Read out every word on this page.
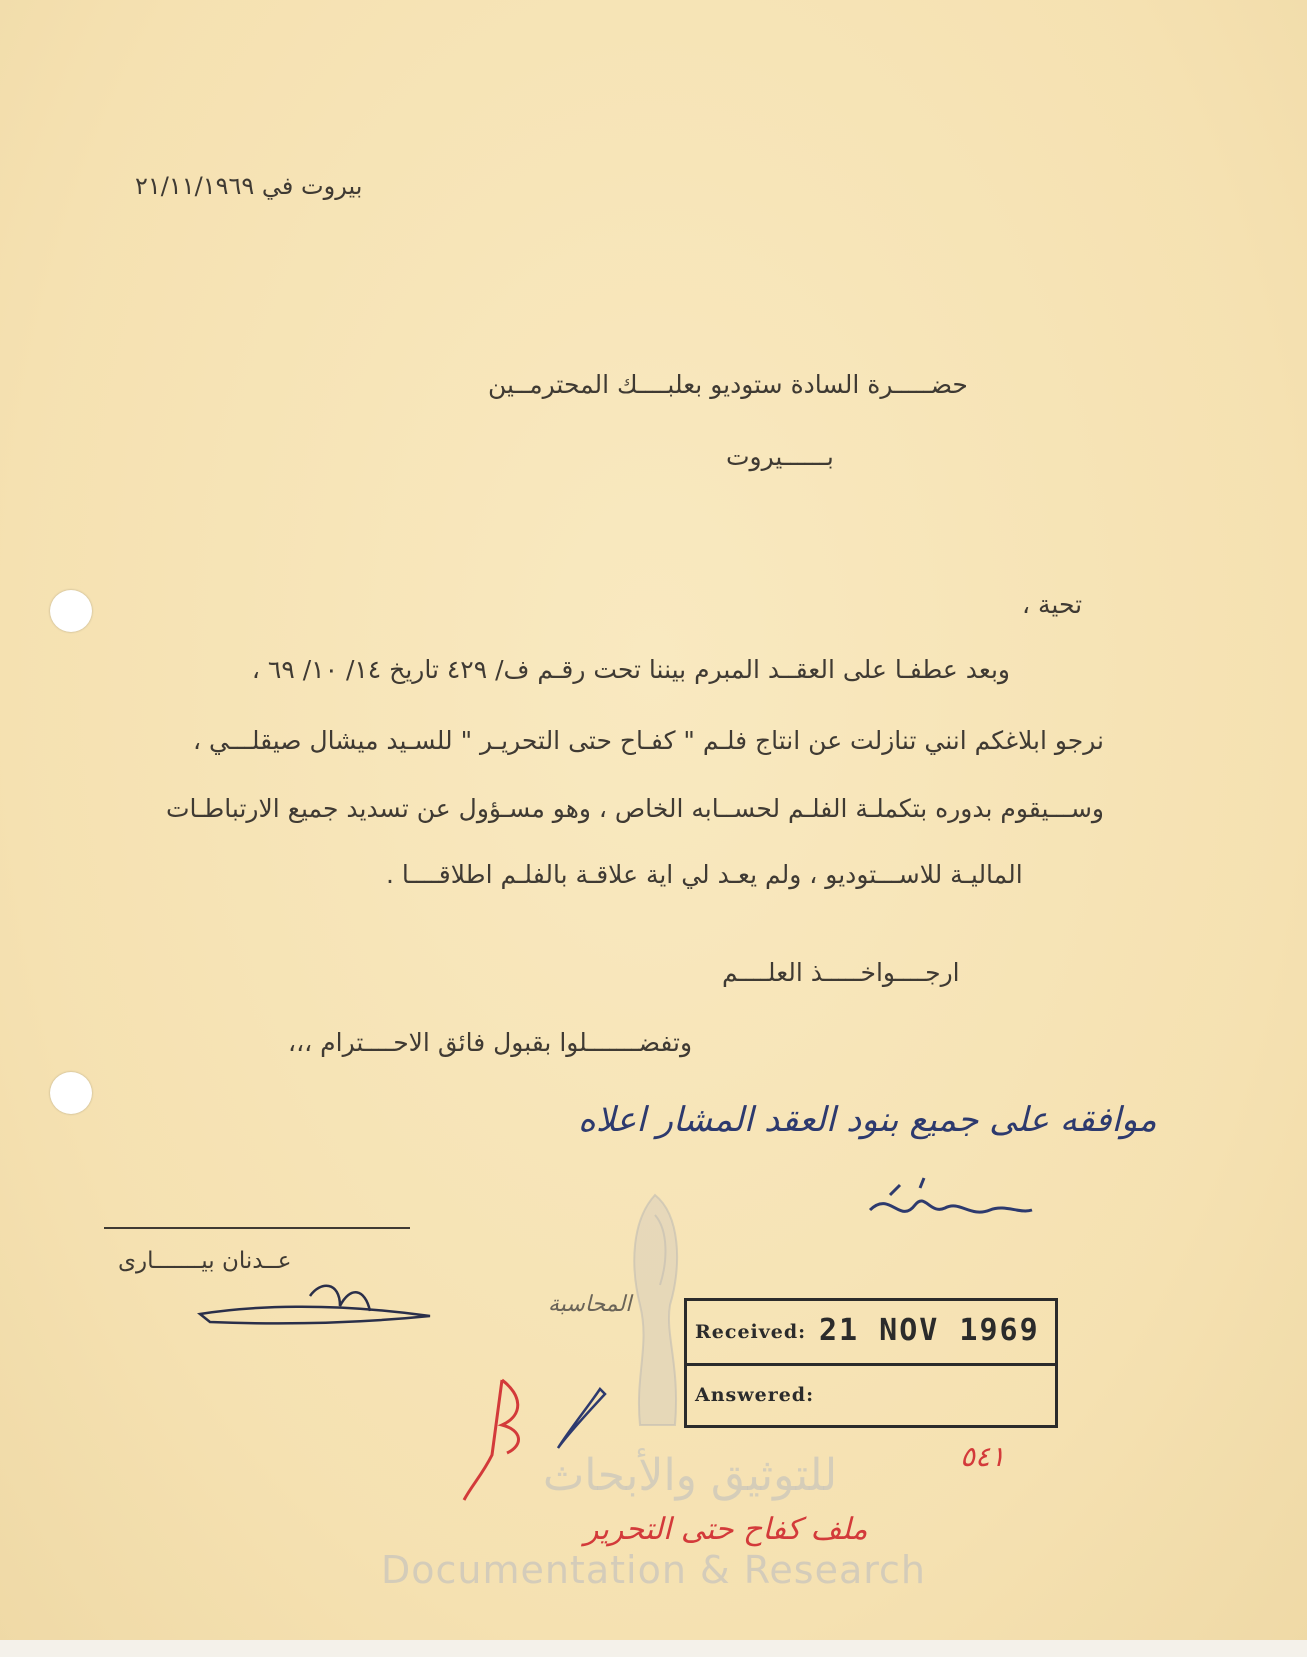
للتوثيق والأبحاث
Documentation & Research
بيروت في ٢١/١١/١٩٦٩
حضـــــرة السادة ستوديو بعلبــــك المحترمــين
بــــــيروت
تحية ،
وبعد عطفـا على العقــد المبرم بيننا تحت رقـم ف/ ٤٢٩ تاريخ ١٤/ ١٠/ ٦٩ ،
نرجو ابلاغكم انني تنازلت عن انتاج فلـم " كفـاح حتى التحريـر " للسـيد ميشال صيقلـــي ،
وســـيقوم بدوره بتكملـة الفلـم لحســابه الخاص ، وهو مسـؤول عن تسديد جميع الارتباطـات
الماليـة للاســـتوديو ، ولم يعـد لي اية علاقـة بالفلـم اطلاقــــا .
ارجــــواخـــــذ العلــــم
وتفضـــــــلوا بقبول فائق الاحــــترام ،،،
موافقه على جميع بنود العقد المشار اعلاه
عــدنان بيـــــــارى
المحاسبة
Received: 21 NOV 1969
Answered:
٥٤١
ملف كفاح حتى التحرير
